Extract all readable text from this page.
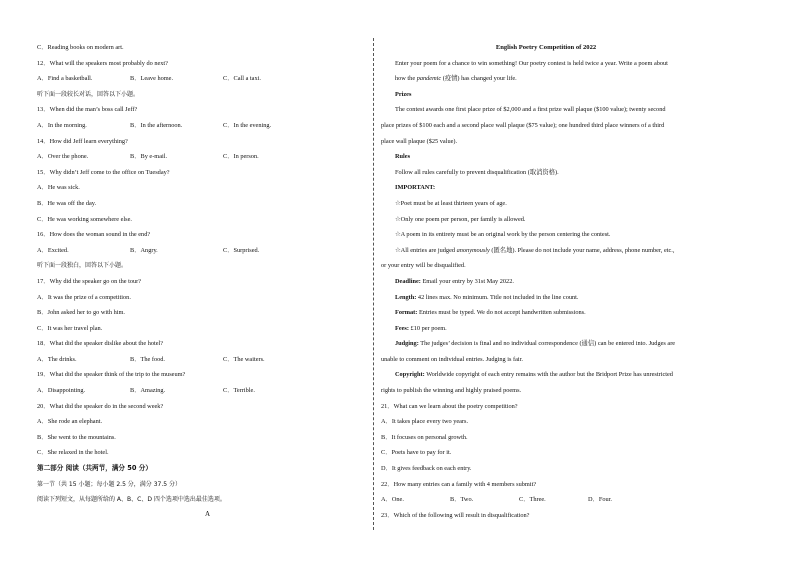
C．Reading books on modern art.
12．What will the speakers most probably do next?
A．Find a basketball.	B．Leave home.	C．Call a taxi.
听下面一段较长对话，回答以下小题。
13．When did the man’s boss call Jeff?
A．In the morning.	B．In the afternoon.	C．In the evening.
14．How did Jeff learn everything?
A．Over the phone.	B．By e-mail.	C．In person.
15．Why didn’t Jeff come to the office on Tuesday?
A．He was sick.
B．He was off the day.
C．He was working somewhere else.
16．How does the woman sound in the end?
A．Excited.	B．Angry.	C．Surprised.
听下面一段独白，回答以下小题。
17．Why did the speaker go on the tour?
A．It was the prize of a competition.
B．John asked her to go with him.
C．It was her travel plan.
18．What did the speaker dislike about the hotel?
A．The drinks.	B．The food.	C．The waiters.
19．What did the speaker think of the trip to the museum?
A．Disappointing.	B．Amazing.	C．Terrible.
20．What did the speaker do in the second week?
A．She rode an elephant.
B．She went to the mountains.
C．She relaxed in the hotel.
第二部分 阅读（共两节，满分 50 分）
第一节（共 15 小题；每小题 2.5 分，满分 37.5 分）
阅读下列短文，从每题所给的 A、B、C、D 四个选项中选出最佳选项。
English Poetry Competition of 2022
Enter your poem for a chance to win something! Our poetry contest is held twice a year. Write a poem about
how the pandemic (疫情) has changed your life.
Prizes
The contest awards one first place prize of $2,000 and a first prize wall plaque ($100 value); twenty second
place prizes of $100 each and a second place wall plaque ($75 value); one hundred third place winners of a third
place wall plaque ($25 value).
Rules
Follow all rules carefully to prevent disqualification (取消资格).
IMPORTANT:
☆Poet must be at least thirteen years of age.
☆Only one poem per person, per family is allowed.
☆A poem in its entirety must be an original work by the person centering the contest.
☆All entries are judged anonymously (匿名地). Please do not include your name, address, phone number, etc.,
or your entry will be disqualified.
Deadline: Email your entry by 31st May 2022.
Length: 42 lines max. No minimum. Title not included in the line count.
Format: Entries must be typed. We do not accept handwritten submissions.
Fees: £10 per poem.
Judging: The judges’ decision is final and no individual correspondence (通信) can be entered into. Judges are
unable to comment on individual entries. Judging is fair.
Copyright: Worldwide copyright of each entry remains with the author but the Bridport Prize has unrestricted
rights to publish the winning and highly praised poems.
21．What can we learn about the poetry competition?
A．It takes place every two years.
B．It focuses on personal growth.
C．Poets have to pay for it.
D．It gives feedback on each entry.
22．How many entries can a family with 4 members submit?
A．One.	B．Two.	C．Three.	D．Four.
23．Which of the following will result in disqualification?
A
